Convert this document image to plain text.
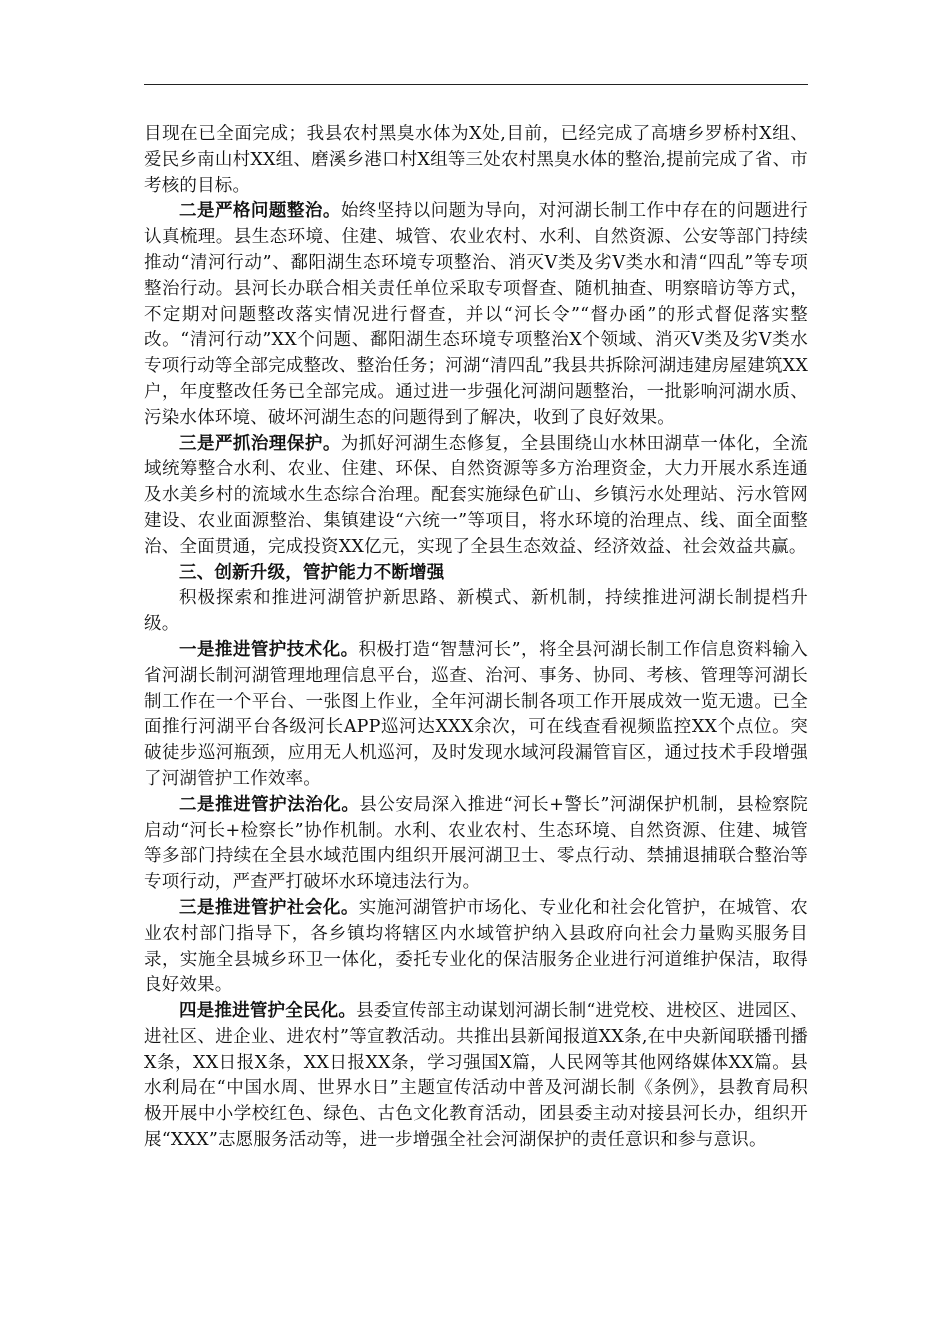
目现在已全面完成；我县农村黑臭水体为X处,目前，已经完成了高塘乡罗桥村X组、爱民乡南山村XX组、磨溪乡港口村X组等三处农村黑臭水体的整治,提前完成了省、市考核的目标。

二是严格问题整治。始终坚持以问题为导向，对河湖长制工作中存在的问题进行认真梳理。县生态环境、住建、城管、农业农村、水利、自然资源、公安等部门持续推动“清河行动”、鄱阳湖生态环境专项整治、消灭Ⅴ类及劣Ⅴ类水和清“四乱”等专项整治行动。县河长办联合相关责任单位采取专项督查、随机抽查、明察暗访等方式，不定期对问题整改落实情况进行督查，并以“河长令”“督办函”的形式督促落实整改。“清河行动”XX个问题、鄱阳湖生态环境专项整治X个领域、消灭Ⅴ类及劣Ⅴ类水专项行动等全部完成整改、整治任务；河湖“清四乱”我县共拆除河湖违建房屋建筑XX户，年度整改任务已全部完成。通过进一步强化河湖问题整治，一批影响河湖水质、污染水体环境、破坏河湖生态的问题得到了解决，收到了良好效果。

三是严抓治理保护。为抓好河湖生态修复，全县围绕山水林田湖草一体化，全流域统筹整合水利、农业、住建、环保、自然资源等多方治理资金，大力开展水系连通及水美乡村的流域水生态综合治理。配套实施绿色矿山、乡镇污水处理站、污水管网建设、农业面源整治、集镇建设“六统一”等项目，将水环境的治理点、线、面全面整治、全面贯通，完成投资XX亿元，实现了全县生态效益、经济效益、社会效益共赢。

三、创新升级，管护能力不断增强

积极探索和推进河湖管护新思路、新模式、新机制，持续推进河湖长制提档升级。

一是推进管护技术化。积极打造“智慧河长”，将全县河湖长制工作信息资料输入省河湖长制河湖管理地理信息平台，巡查、治河、事务、协同、考核、管理等河湖长制工作在一个平台、一张图上作业，全年河湖长制各项工作开展成效一览无遗。已全面推行河湖平台各级河长APP巡河达XXX余次，可在线查看视频监控XX个点位。突破徒步巡河瓶颈，应用无人机巡河，及时发现水域河段漏管盲区，通过技术手段增强了河湖管护工作效率。

二是推进管护法治化。县公安局深入推进“河长+警长”河湖保护机制，县检察院启动“河长+检察长”协作机制。水利、农业农村、生态环境、自然资源、住建、城管等多部门持续在全县水域范围内组织开展河湖卫士、零点行动、禁捕退捕联合整治等专项行动，严查严打破坏水环境违法行为。

三是推进管护社会化。实施河湖管护市场化、专业化和社会化管护，在城管、农业农村部门指导下，各乡镇均将辖区内水域管护纳入县政府向社会力量购买服务目录，实施全县城乡环卫一体化，委托专业化的保洁服务企业进行河道维护保洁，取得良好效果。

四是推进管护全民化。县委宣传部主动谋划河湖长制“进党校、进校区、进园区、进社区、进企业、进农村”等宣教活动。共推出县新闻报道XX条,在中央新闻联播刊播X条，XX日报X条，XX日报XX条，学习强国X篇，人民网等其他网络媒体XX篇。县水利局在“中国水周、世界水日”主题宣传活动中普及河湖长制《条例》，县教育局积极开展中小学校红色、绿色、古色文化教育活动，团县委主动对接县河长办，组织开展“XXX”志愿服务活动等，进一步增强全社会河湖保护的责任意识和参与意识。
